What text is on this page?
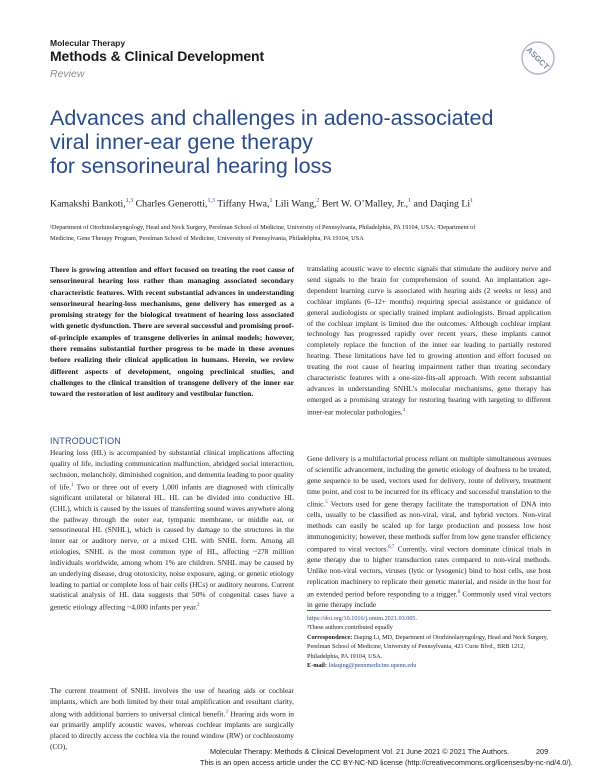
Molecular Therapy
Methods & Clinical Development
Review
ASGCT
Advances and challenges in adeno-associated
viral inner-ear gene therapy
for sensorineural hearing loss
Kamakshi Bankoti,$^{1,3}$ Charles Generotti,$^{1,3}$ Tiffany Hwa,$^1$ Lili Wang,$^2$ Bert W. O’Malley, Jr.,$^1$ and Daqing Li$^1$
¹Department of Otorhinolaryngology, Head and Neck Surgery, Perelman School of Medicine, University of Pennsylvania, Philadelphia, PA 19104, USA; ²Department of
Medicine, Gene Therapy Program, Perelman School of Medicine, University of Pennsylvania, Philadelphia, PA 19104, USA
There is growing attention and effort focused on treating the root cause of sensorineural hearing loss rather than managing associated secondary characteristic features. With recent substantial advances in understanding sensorineural hearing-loss mechanisms, gene delivery has emerged as a promising strategy for the biological treatment of hearing loss associated with genetic dysfunction. There are several successful and promising proof-of-principle examples of transgene deliveries in animal models; however, there remains substantial further progress to be made in these avenues before realizing their clinical application in humans. Herein, we review different aspects of development, ongoing preclinical studies, and challenges to the clinical transition of transgene delivery of the inner ear toward the restoration of lost auditory and vestibular function.
INTRODUCTION
Hearing loss (HL) is accompanied by substantial clinical implications affecting quality of life, including communication malfunction, abridged social interaction, seclusion, melancholy, diminished cognition, and dementia leading to poor quality of life.$^1$ Two or three out of every 1,000 infants are diagnosed with clinically significant unilateral or bilateral HL. HL can be divided into conductive HL (CHL), which is caused by the issues of transferring sound waves anywhere along the pathway through the outer ear, tympanic membrane, or middle ear, or sensorineural HL (SNHL), which is caused by damage to the structures in the inner ear or auditory nerve, or a mixed CHL with SNHL form. Among all etiologies, SNHL is the most common type of HL, affecting ~278 million individuals worldwide, among whom 1% are children. SNHL may be caused by an underlying disease, drug ototoxicity, noise exposure, aging, or genetic etiology leading to partial or complete loss of hair cells (HCs) or auditory neurons. Current statistical analysis of HL data suggests that 50% of congenital cases have a genetic etiology affecting ~4,000 infants per year.$^2$
The current treatment of SNHL involves the use of hearing aids or cochlear implants, which are both limited by their total amplification and resultant clarity, along with additional barriers to universal clinical benefit.$^3$ Hearing aids worn in ear primarily amplify acoustic waves, whereas cochlear implants are surgically placed to directly access the cochlea via the round window (RW) or cochleostomy (CO),
translating acoustic wave to electric signals that stimulate the auditory nerve and send signals to the brain for comprehension of sound. An implantation age-dependent learning curve is associated with hearing aids (2 weeks or less) and cochlear implants (6–12+ months) requiring special assistance or guidance of general audiologists or specially trained implant audiologists. Broad application of the cochlear implant is limited due the outcomes. Although cochlear implant technology has progressed rapidly over recent years, these implants cannot completely replace the function of the inner ear leading to partially restored hearing. These limitations have led to growing attention and effort focused on treating the root cause of hearing impairment rather than treating secondary characteristic features with a one-size-fits-all approach. With recent substantial advances in understanding SNHL’s molecular mechanisms, gene therapy has emerged as a promising strategy for restoring hearing with targeting to different inner-ear molecular pathologies.$^4$
Gene delivery is a multifactorial process reliant on multiple simultaneous avenues of scientific advancement, including the genetic etiology of deafness to be treated, gene sequence to be used, vectors used for delivery, route of delivery, treatment time point, and cost to be incurred for its efficacy and successful translation to the clinic.$^5$ Vectors used for gene therapy facilitate the transportation of DNA into cells, usually to be classified as non-viral, viral, and hybrid vectors. Non-viral methods can easily be scaled up for large production and possess low host immunogenicity; however, these methods suffer from low gene transfer efficiency compared to viral vectors.$^{6,7}$ Currently, viral vectors dominate clinical trials in gene therapy due to higher transduction rates compared to non-viral methods. Unlike non-viral vectors, viruses (lytic or lysogenic) bind to host cells, use host replication machinery to replicate their genetic material, and reside in the host for an extended period before responding to a trigger.$^8$ Commonly used viral vectors in gene therapy include
https://doi.org/10.1016/j.omtm.2021.03.005.
³These authors contributed equally
Correspondence: Daqing Li, MD, Department of Otorhinolaryngology, Head and Neck Surgery, Perelman School of Medicine, University of Pennsylvania, 421 Curie Blvd., BRB 1212, Philadelphia, PA 19104, USA.
E-mail: lidaqing@pennmedicine.upenn.edu
Molecular Therapy: Methods & Clinical Development Vol. 21 June 2021 © 2021 The Authors.	209
This is an open access article under the CC BY-NC-ND license (http://creativecommons.org/licenses/by-nc-nd/4.0/).
